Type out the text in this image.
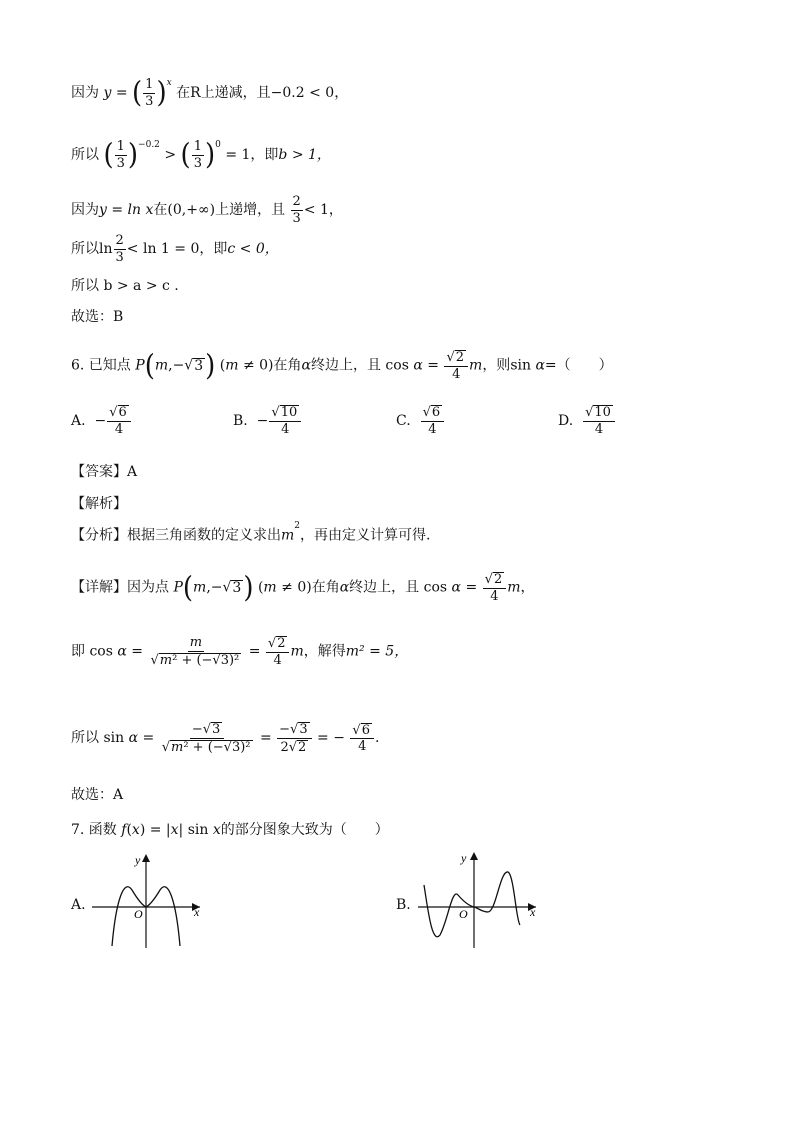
因为 y = ( $\frac{1}{3} )^x$ 在R上递减，且−0.2 < 0，
所以 ( $\frac{1}{3} )^{-0.2}$ > ( $\frac{1}{3} )^0 = 1$，即b > 1，
因为y = ln x在(0,+∞)上递增，且 $\frac{2}{3} < 1$，
所以$\ln \frac{2}{3} < \ln 1 = 0$，即c < 0，
所以 b > a > c .
故选：B
6. 已知点 P(m,−√3) (m ≠ 0)在角α终边上，且 $\cos \alpha = \frac{√2}{4}$ m，则sin α=（　　）
A.
− $\frac{√6}{4}$	B.
− $\frac{√10}{4}$	C.
$\frac{√6}{4}$	D.
$\frac{√10}{4}$
【答案】A
【解析】
【分析】根据三角函数的定义求出$m^2$，再由定义计算可得.
【详解】因为点 P(m,−√3) (m ≠ 0)在角α终边上，且 $\cos \alpha = \frac{√2}{4}$ m，
即 $\cos \alpha = \frac{m}{\text{√m² + (−√3)²}} = \frac{√2}{4}$ m，解得m² = 5，
所以 $\sin \alpha = \frac{-√3}{\text{√m² + (−√3)²}} = \frac{-√3}{2√2}$ = − $\frac{√6}{4}$ .
故选：A
7. 函数 f(x) = |x| sin x的部分图象大致为（　　）
A.
y
x
O
B.
y
x
O
